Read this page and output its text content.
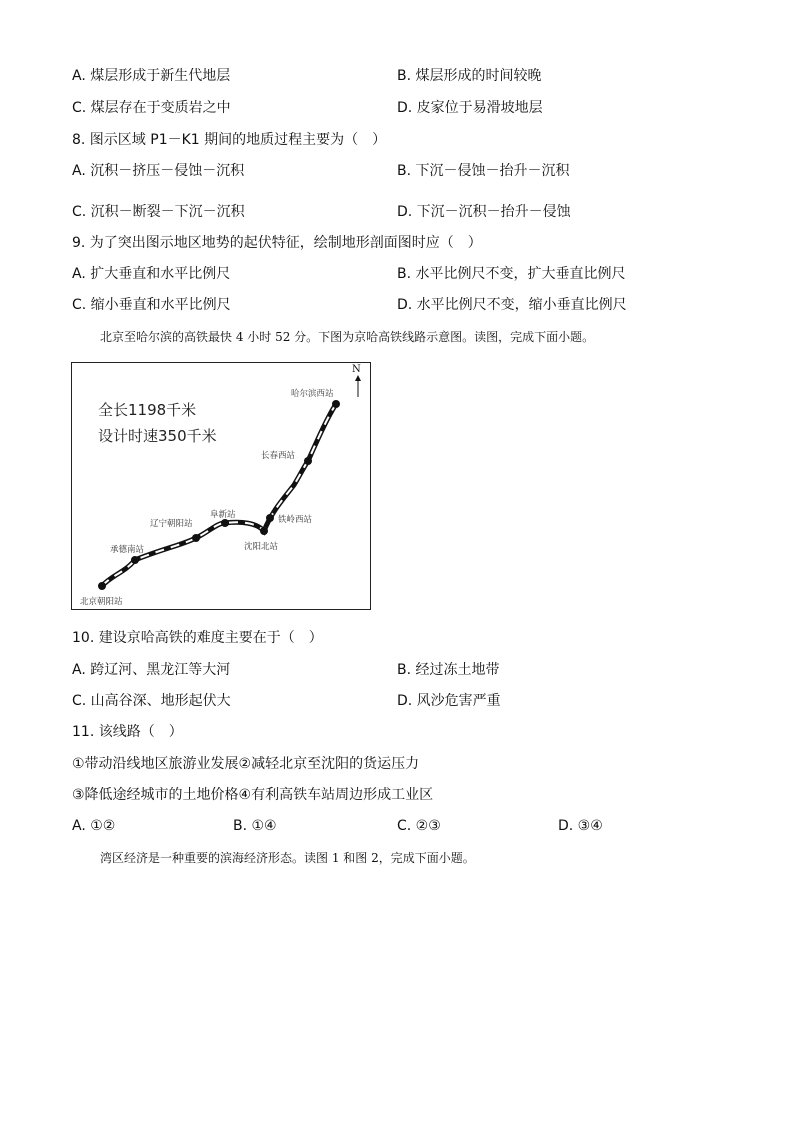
A. 煤层形成于新生代地层	B. 煤层形成的时间较晚
C. 煤层存在于变质岩之中	D. 皮家位于易滑坡地层
8. 图示区域 P1－K1 期间的地质过程主要为（　）
A. 沉积－挤压－侵蚀－沉积	B. 下沉－侵蚀－抬升－沉积
C. 沉积－断裂－下沉－沉积	D. 下沉－沉积－抬升－侵蚀
9. 为了突出图示地区地势的起伏特征，绘制地形剖面图时应（　）
A. 扩大垂直和水平比例尺	B. 水平比例尺不变，扩大垂直比例尺
C. 缩小垂直和水平比例尺	D. 水平比例尺不变，缩小垂直比例尺
北京至哈尔滨的高铁最快 4 小时 52 分。下图为京哈高铁线路示意图。读图，完成下面小题。
N
全长1198千米
设计时速350千米
哈尔滨西站
长春西站
铁岭西站
沈阳北站
阜新站
辽宁朝阳站
承德南站
北京朝阳站
10. 建设京哈高铁的难度主要在于（　）
A. 跨辽河、黑龙江等大河	B. 经过冻土地带
C. 山高谷深、地形起伏大	D. 风沙危害严重
11. 该线路（　）
①带动沿线地区旅游业发展②减轻北京至沈阳的货运压力
③降低途经城市的土地价格④有利高铁车站周边形成工业区
A. ①②	B. ①④	C. ②③	D. ③④
湾区经济是一种重要的滨海经济形态。读图 1 和图 2，完成下面小题。
